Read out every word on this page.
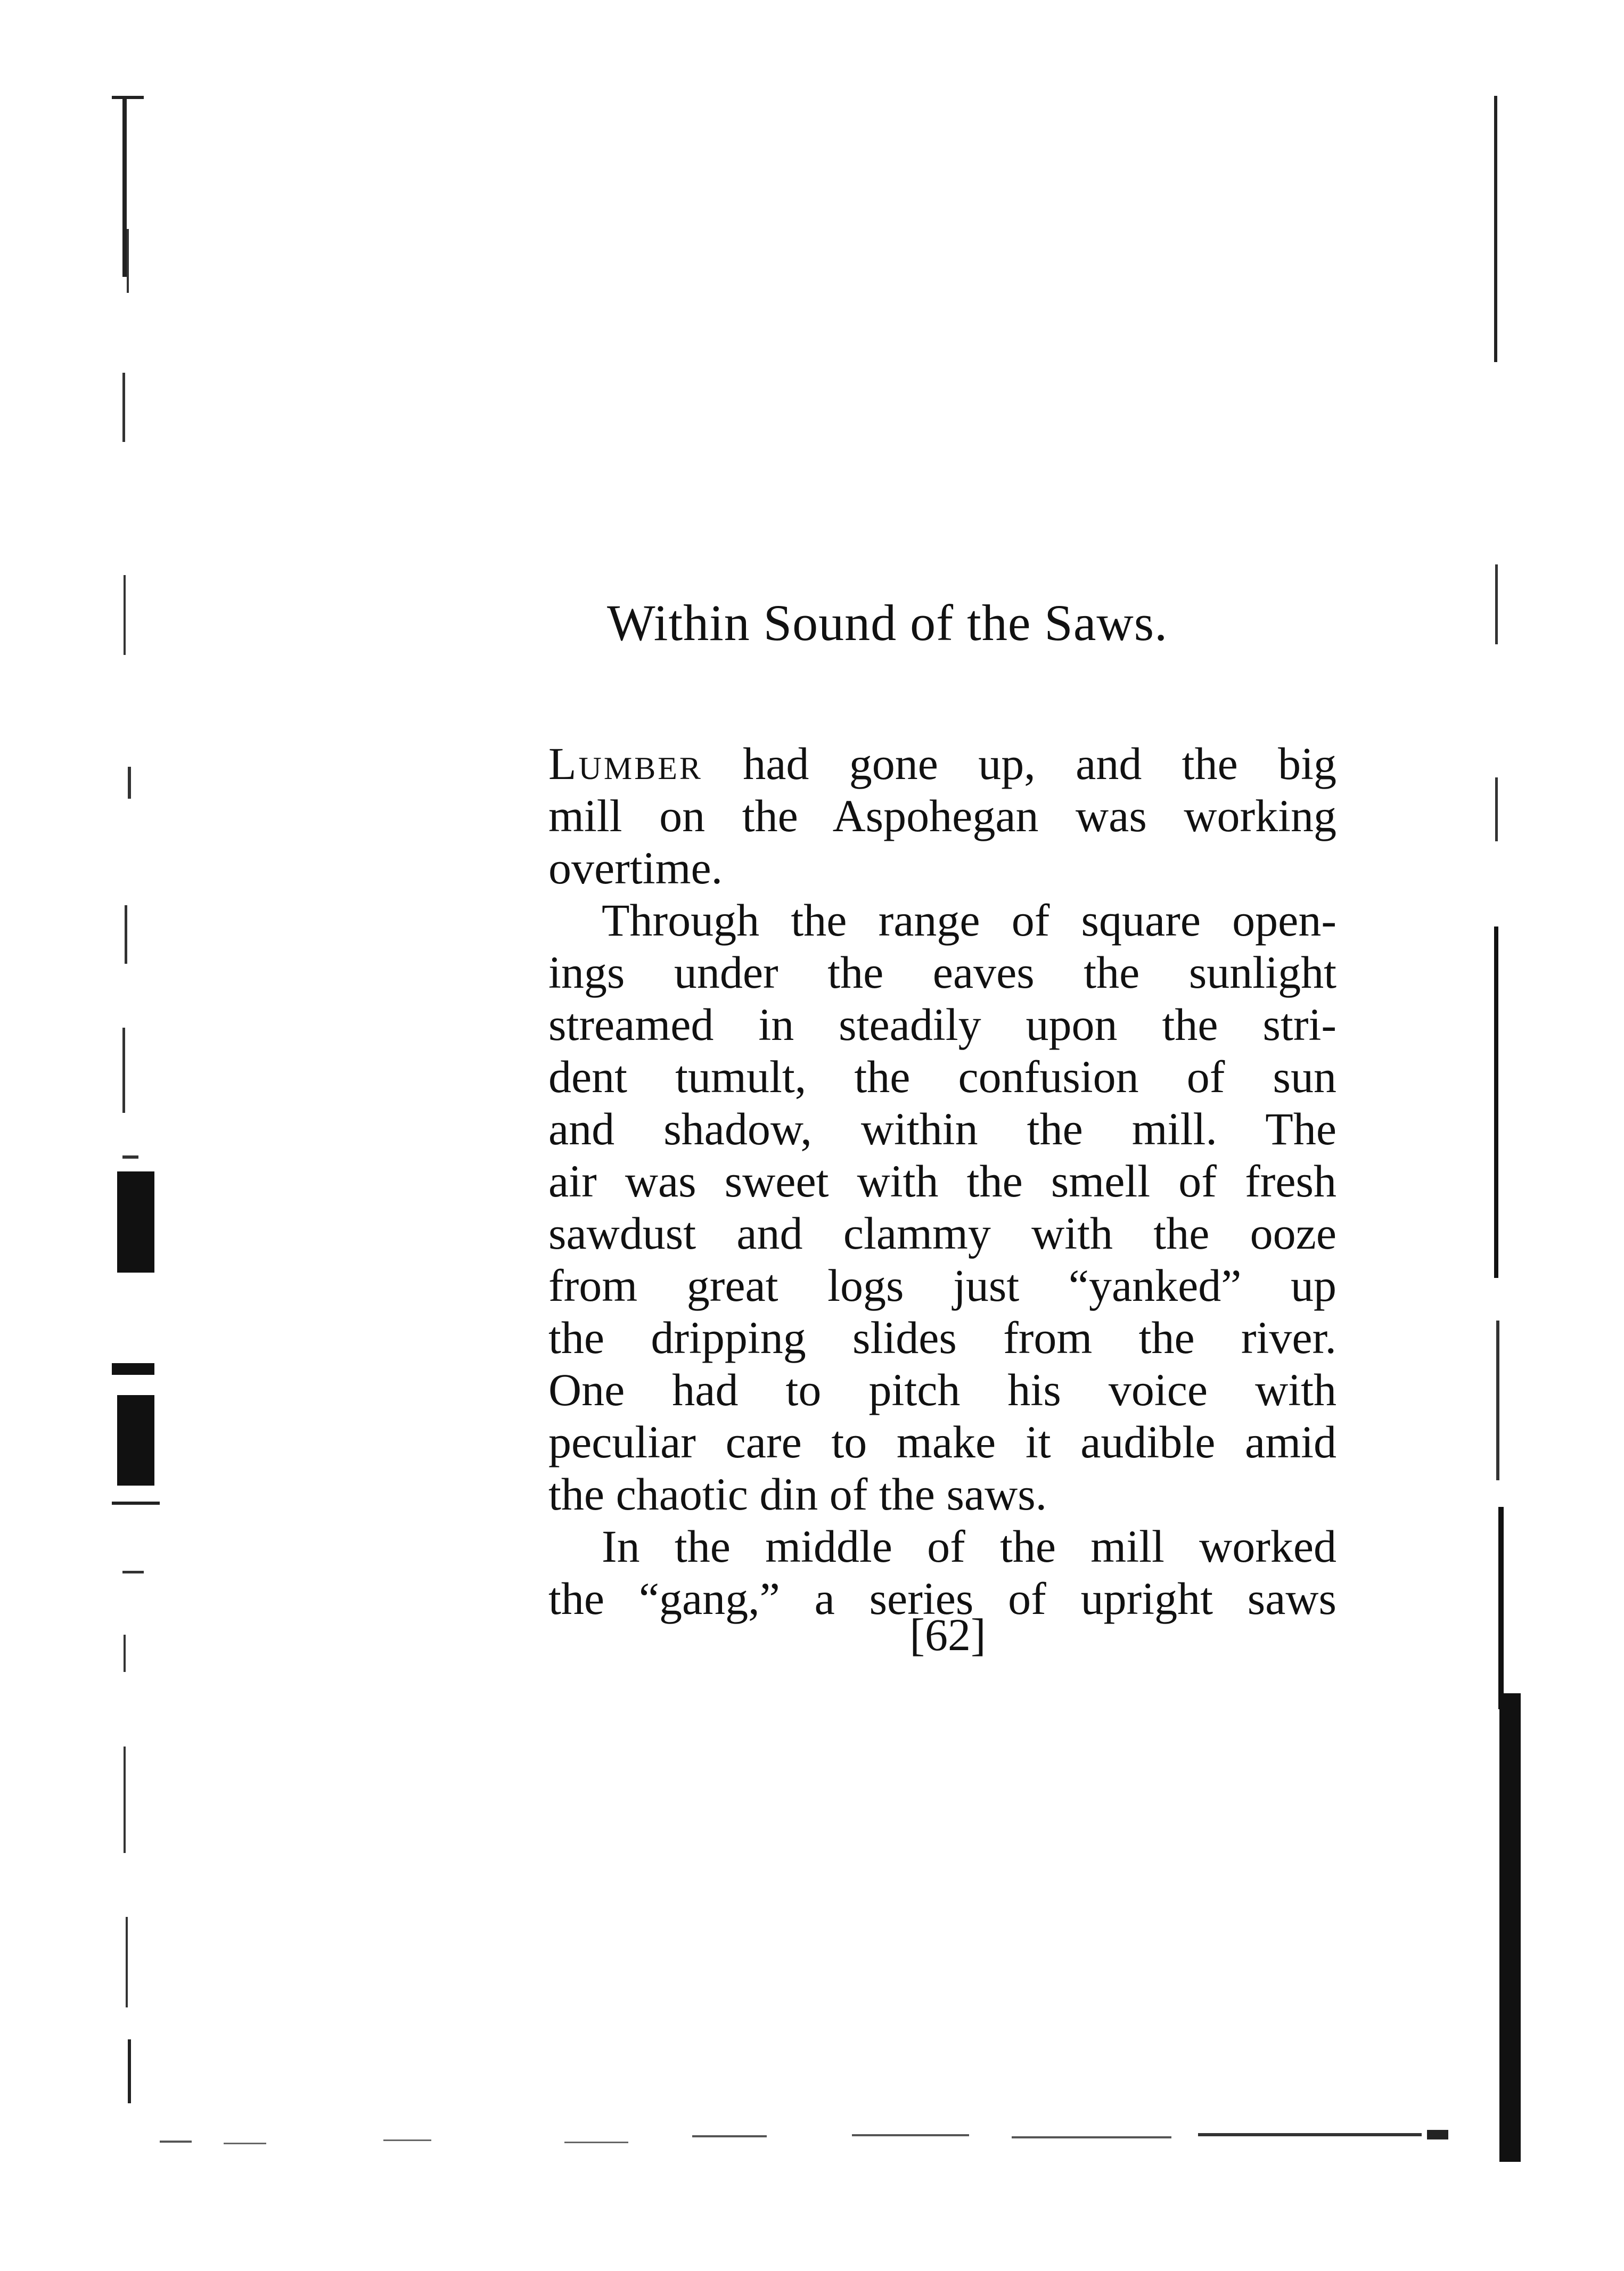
Within Sound of the Saws.
Lumber had gone up, and the big
mill on the Aspohegan was working
overtime.
Through the range of square open-
ings under the eaves the sunlight
streamed in steadily upon the stri-
dent tumult, the confusion of sun
and shadow, within the mill. The
air was sweet with the smell of fresh
sawdust and clammy with the ooze
from great logs just “yanked” up
the dripping slides from the river.
One had to pitch his voice with
peculiar care to make it audible amid
the chaotic din of the saws.
In the middle of the mill worked
the “gang,” a series of upright saws
[62]
